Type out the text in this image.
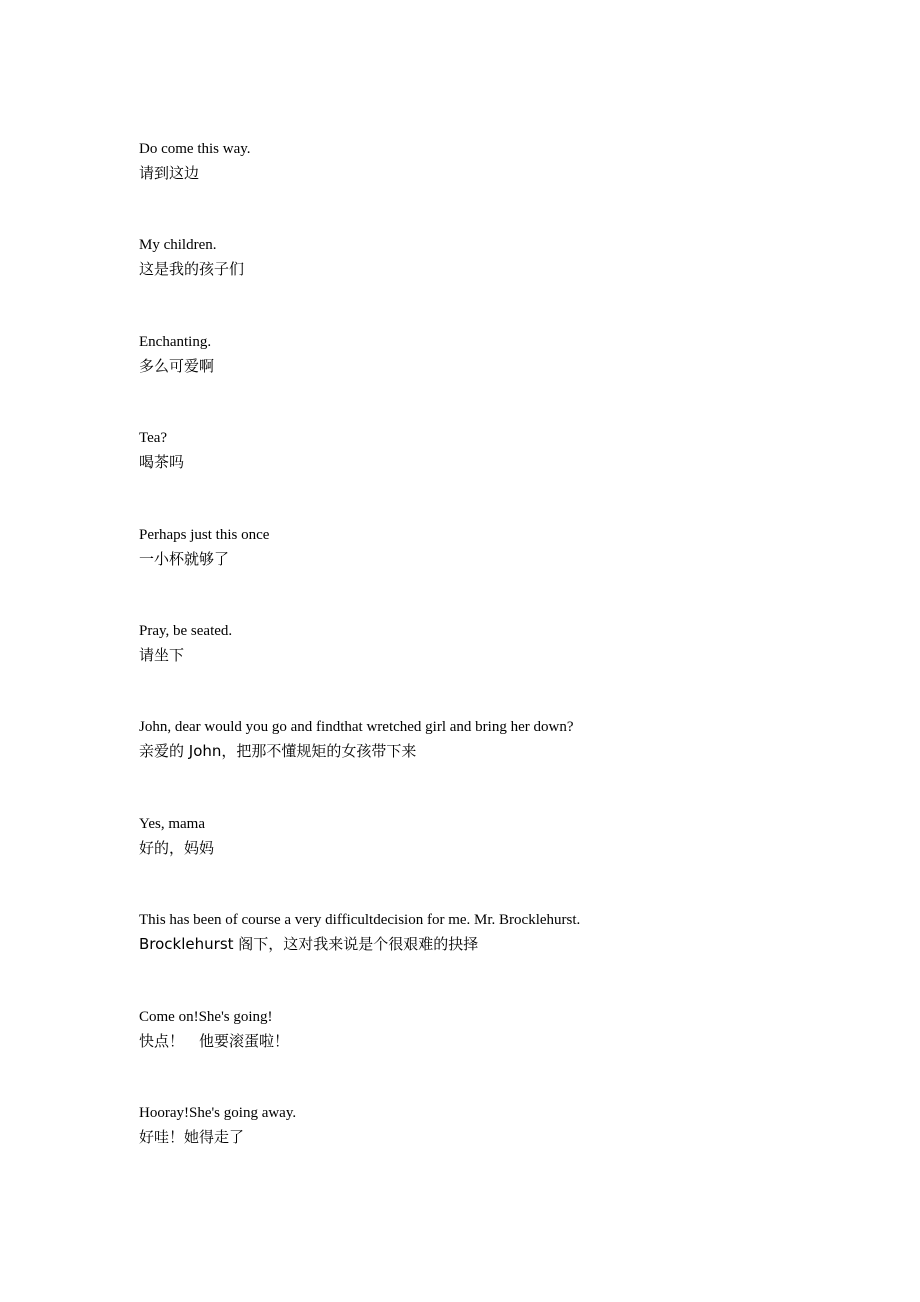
Do come this way.
请到这边
My children.
这是我的孩子们
Enchanting.
多么可爱啊
Tea?
喝茶吗
Perhaps just this once
一小杯就够了
Pray, be seated.
请坐下
John, dear would you go and findthat wretched girl and bring her down?
亲爱的 John，把那不懂规矩的女孩带下来
Yes, mama
好的，妈妈
This has been of course a very difficultdecision for me. Mr. Brocklehurst.
Brocklehurst 阁下，这对我来说是个很艰难的抉择
Come on!She's going!
快点！　他要滚蛋啦！
Hooray!She's going away.
好哇！她得走了
